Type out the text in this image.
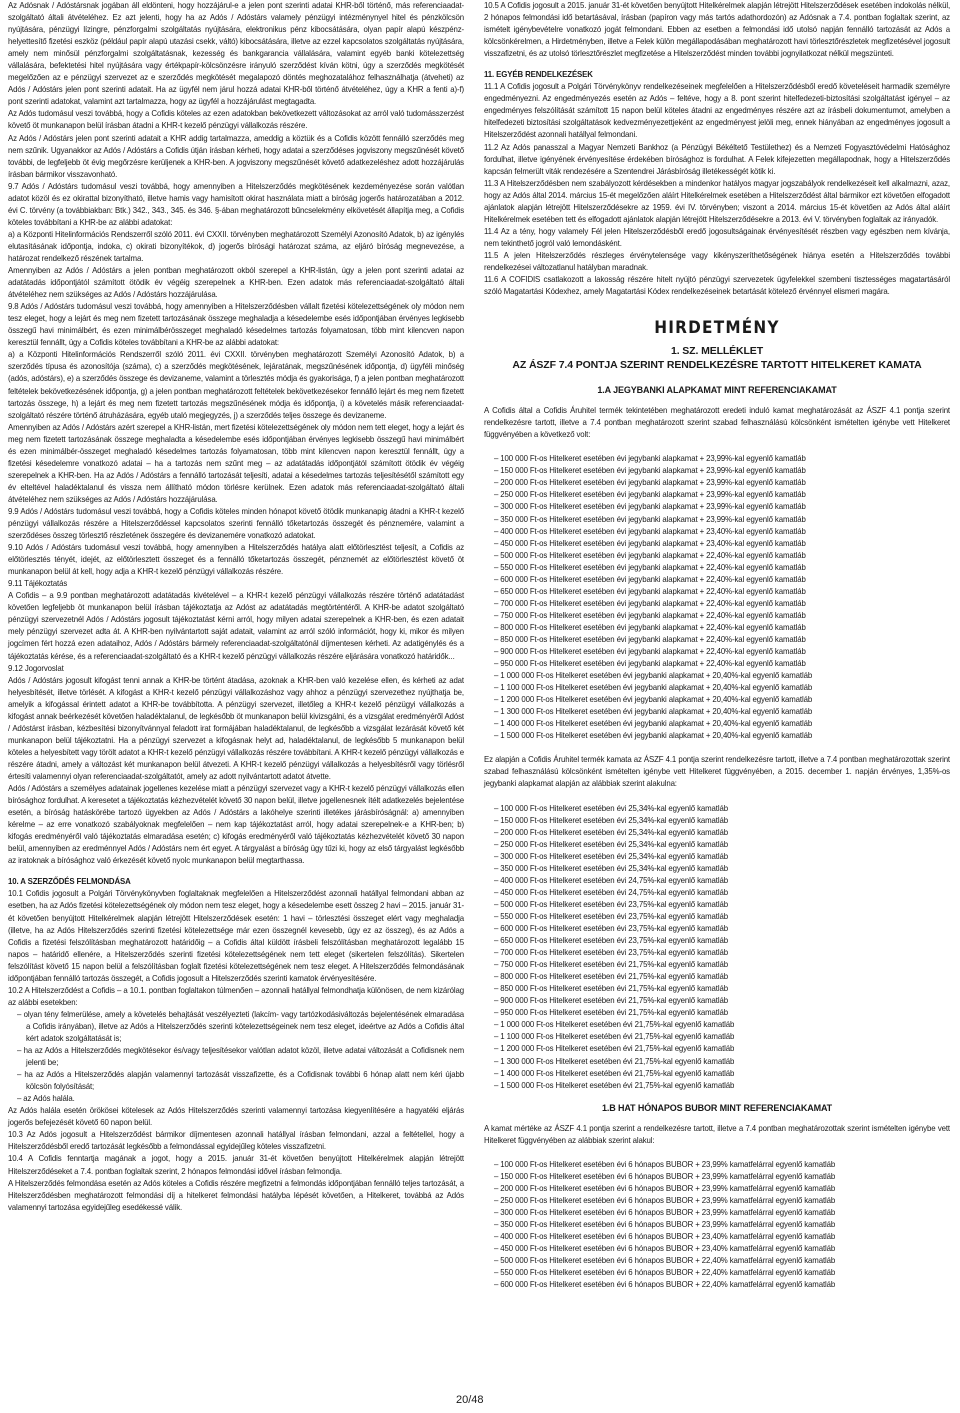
Az Adósnak / Adóstársnak jogában áll eldönteni, hogy hozzájárul-e a jelen pont szerinti adatai KHR-ből történő, más referenciaadat-szolgáltató általi átvételéhez. Ez azt jelenti, hogy ha az Adós / Adóstárs valamely pénzügyi intézménynyel hitel és pénzkölcsön nyújtására, pénzügyi lízingre, pénzforgalmi szolgáltatás nyújtására, elektronikus pénz kibocsátására, olyan papír alapú készpénz-helyettesítő fizetési eszköz (például papír alapú utazási csekk, váltó) kibocsátására, illetve az ezzel kapcsolatos szolgáltatás nyújtására, amely nem minősül pénzforgalmi szolgáltatásnak, kezesség és bankgarancia vállalására, valamint egyéb banki kötelezettség vállalására, befektetési hitel nyújtására vagy értékpapír-kölcsönzésre irányuló szerződést kíván kötni, úgy a szerződés megkötését megelőzően az e pénzügyi szervezet az e szerződés megkötését megalapozó döntés meghozatalához felhasználhatja (átveheti) az Adós / Adóstárs jelen pont szerinti adatait. Ha az ügyfél nem járul hozzá adatai KHR-ből történő átvételéhez, úgy a KHR a fenti a)-f) pont szerinti adatokat, valamint azt tartalmazza, hogy az ügyfél a hozzájárulást megtagadta.

Az Adós tudomásul veszi továbbá, hogy a Cofidis köteles az ezen adatokban bekövetkezett változásokat az arról való tudomásszerzést követő öt munkanapon belül írásban átadni a KHR-t kezelő pénzügyi vállalkozás részére.

Az Adós / Adóstárs jelen pont szerinti adatait a KHR addig tartalmazza, ameddig a köztük és a Cofidis között fennálló szerződés meg nem szűnik. Ugyanakkor az Adós / Adóstárs a Cofidis útján írásban kérheti, hogy adatai a szerződéses jogviszony megszűnését követő további, de legfeljebb öt évig megőrzésre kerüljenek a KHR-ben. A jogviszony megszűnését követő adatkezeléshez adott hozzájárulás írásban bármikor visszavonható.

9.7 Adós / Adóstárs tudomásul veszi továbbá, hogy amennyiben a Hitelszerződés megkötésének kezdeményezése során valótlan adatot közöl és ez okirattal bizonyítható, illetve hamis vagy hamisított okirat használata miatt a bíróság jogerős határozatában a 2012. évi C. törvény (a továbbiakban: Btk.) 342., 343., 345. és 346. §-ában meghatározott bűncselekmény elkövetését állapítja meg, a Cofidis köteles továbbítani a KHR-be az alábbi adatokat:

a) a Központi Hitelinformációs Rendszerről szóló 2011. évi CXXII. törvényben meghatározott Személyi Azonosító Adatok, b) az igénylés elutasításának időpontja, indoka, c) okirati bizonyítékok, d) jogerős bírósági határozat száma, az eljáró bíróság megnevezése, a határozat rendelkező részének tartalma.

Amennyiben az Adós / Adóstárs a jelen pontban meghatározott okból szerepel a KHR-listán, úgy a jelen pont szerinti adatai az adatátadás időpontjától számított ötödik év végéig szerepelnek a KHR-ben. Ezen adatok más referenciaadat-szolgáltató általi átvételéhez nem szükséges az Adós / Adóstárs hozzájárulása.

9.8 Adós / Adóstárs tudomásul veszi továbbá, hogy amennyiben a Hitelszerződésben vállalt fizetési kötelezettségének oly módon nem tesz eleget, hogy a lejárt és meg nem fizetett tartozásának összege meghaladja a késedelembe esés időpontjában érvényes legkisebb összegű havi minimálbért, és ezen minimálbérösszeget meghaladó késedelmes tartozás folyamatosan, több mint kilencven napon keresztül fennállt, úgy a Cofidis köteles továbbítani a KHR-be az alábbi adatokat:

a) a Központi Hitelinformációs Rendszerről szóló 2011. évi CXXII. törvényben meghatározott Személyi Azonosító Adatok, b) a szerződés típusa és azonosítója (száma), c) a szerződés megkötésének, lejáratának, megszűnésének időpontja, d) ügyféli minőség (adós, adóstárs), e) a szerződés összege és devizaneme, valamint a törlesztés módja és gyakorisága, f) a jelen pontban meghatározott feltételek bekövetkezésének időpontja, g) a jelen pontban meghatározott feltételek bekövetkezésekor fennálló lejárt és meg nem fizetett tartozás összege, h) a lejárt és meg nem fizetett tartozás megszűnésének módja és időpontja, i) a követelés másik referenciaadat-szolgáltató részére történő átruházására, egyéb utaló megjegyzés, j) a szerződés teljes összege és devizaneme.

Amennyiben az Adós / Adóstárs azért szerepel a KHR-listán, mert fizetési kötelezettségének oly módon nem tett eleget, hogy a lejárt és meg nem fizetett tartozásának összege meghaladta a késedelembe esés időpontjában érvényes legkisebb összegű havi minimálbért és ezen minimálbér-összeget meghaladó késedelmes tartozás folyamatosan, több mint kilencven napon keresztül fennállt, úgy a fizetési késedelemre vonatkozó adatai – ha a tartozás nem szűnt meg – az adatátadás időpontjától számított ötödik év végéig szerepelnek a KHR-ben. Ha az Adós / Adóstárs a fennálló tartozását teljesíti, adatai a késedelmes tartozás teljesítésétől számított egy év elteltével haladéktalanul és vissza nem állítható módon törlésre kerülnek. Ezen adatok más referenciaadat-szolgáltató általi átvételéhez nem szükséges az Adós / Adóstárs hozzájárulása.

9.9 Adós / Adóstárs tudomásul veszi továbbá, hogy a Cofidis köteles minden hónapot követő ötödik munkanapig átadni a KHR-t kezelő pénzügyi vállalkozás részére a Hitelszerződéssel kapcsolatos szerinti fennálló tőketartozás összegét és pénznemére, valamint a szerződéses összeg törlesztő részletének összegére és devizanemére vonatkozó adatokat.

9.10 Adós / Adóstárs tudomásul veszi továbbá, hogy amennyiben a Hitelszerződés hatálya alatt előtörlesztést teljesít, a Cofidis az előtörlesztés tényét, idejét, az előtörlesztett összeget és a fennálló tőketartozás összegét, pénznemét az előtörlesztést követő öt munkanapon belül át kell, hogy adja a KHR-t kezelő pénzügyi vállalkozás részére.

9.11 Tájékoztatás

A Cofidis – a 9.9 pontban meghatározott adatátadás kivételével – a KHR-t kezelő pénzügyi vállalkozás részére történő adatátadást követően legfeljebb öt munkanapon belül írásban tájékoztatja az Adóst az adatátadás megtörténtéről. A KHR-be adatot szolgáltató pénzügyi szervezetnél Adós / Adóstárs jogosult tájékoztatást kérni arról, hogy milyen adatai szerepelnek a KHR-ben, és ezen adatait mely pénzügyi szervezet adta át. A KHR-ben nyilvántartott saját adatait, valamint az arról szóló információt, hogy ki, mikor és milyen jogcímen fért hozzá ezen adataihoz, Adós / Adóstárs bármely referenciaadat-szolgáltatónál díjmentesen kérheti. Az adatigénylés és a tájékoztatás kérése, és a referenciaadat-szolgáltató és a KHR-t kezelő pénzügyi vállalkozás részére eljárására vonatkozó határidők...

9.12 Jogorvoslat

Adós / Adóstárs jogosult kifogást tenni annak a KHR-be történt átadása, azoknak a KHR-ben való kezelése ellen, és kérheti az adat helyesbítését, illetve törlését. A kifogást a KHR-t kezelő pénzügyi vállalkozáshoz vagy ahhoz a pénzügyi szervezethez nyújthatja be, amelyik a kifogással érintett adatot a KHR-be továbbította. A pénzügyi szervezet, illetőleg a KHR-t kezelő pénzügyi vállalkozás a kifogást annak beérkezését követően haladéktalanul, de legkésőbb öt munkanapon belül kivizsgálni, és a vizsgálat eredményéről Adóst / Adóstárst írásban, kézbesítési bizonyítvánnyal feladott irat formájában haladéktalanul, de legkésőbb a vizsgálat lezárását követő két munkanapon belül tájékoztatni. Ha a pénzügyi szervezet a kifogásnak helyt ad, haladéktalanul, de legkésőbb 5 munkanapon belül köteles a helyesbített vagy törölt adatot a KHR-t kezelő pénzügyi vállalkozás részére továbbítani. A KHR-t kezelő pénzügyi vállalkozás e részére átadni, amely a változást két munkanapon belül átvezeti. A KHR-t kezelő pénzügyi vállalkozás a helyesbítésről vagy törlésről értesíti valamennyi olyan referenciaadat-szolgáltatót, amely az adott nyilvántartott adatot átvette.

Adós / Adóstárs a személyes adatainak jogellenes kezelése miatt a pénzügyi szervezet vagy a KHR-t kezelő pénzügyi vállalkozás ellen bírósághoz fordulhat. A keresetet a tájékoztatás kézhezvételét követő 30 napon belül, illetve jogellenesnek ítélt adatkezelés bejelentése esetén, a bíróság hatáskörébe tartozó ügyekben az Adós / Adóstárs a lakóhelye szerinti illetékes járásbíróságnál: a) amennyiben kérelme – az erre vonatkozó szabályoknak megfelelően – nem kap tájékoztatást arról, hogy adatai szerepelnek-e a KHR-ben; b) kifogás eredményéről való tájékoztatás elmaradása esetén; c) kifogás eredményéről való tájékoztatás kézhezvételét követő 30 napon belül, amennyiben az eredménnyel Adós / Adóstárs nem ért egyet. A tárgyalást a bíróság ügy tűzi ki, hogy az első tárgyalást legkésőbb az iratoknak a bírósághoz való érkezését követő nyolc munkanapon belül megtarthassa.

10. A SZERZŐDÉS FELMONDÁSA

10.1 Cofidis jogosult a Polgári Törvénykönyvben foglaltaknak megfelelően a Hitelszerződést azonnali hatállyal felmondani abban az esetben, ha az Adós fizetési kötelezettségének oly módon nem tesz eleget, hogy a késedelembe esett összeg 2 havi – 2015. január 31-ét követően benyújtott Hitelkérelmek alapján létrejött Hitelszerződések esetén: 1 havi – törlesztési összeget elért vagy meghaladja (illetve, ha az Adós Hitelszerződés szerinti fizetési kötelezettsége már ezen összegnél kevesebb, úgy ez az összeg), és az Adós a Cofidis a fizetési felszólításban meghatározott határidőig – a Cofidis által küldött írásbeli felszólításban meghatározott legalább 15 napos – határidő ellenére, a Hitelszerződés szerinti fizetési kötelezettségének nem tett eleget (sikertelen felszólítás). Sikertelen felszólítást követő 15 napon belül a felszólításban foglalt fizetési kötelezettségének nem tesz eleget. A Hitelszerződés felmondásának időpontjában fennálló tartozás összegét, a Cofidis jogosult a Hitelszerződés szerinti kamatok érvényesítésére.

10.2 A Hitelszerződést a Cofidis – a 10.1. pontban foglaltakon túlmenően – azonnali hatállyal felmondhatja különösen, de nem kizárólag az alábbi esetekben:

– olyan tény felmerülése, amely a követelés behajtását veszélyezteti (lakcím- vagy tartózkodásiváltozás bejelentésének elmaradása a Cofidis irányában), illetve az Adós a Hitelszerződés szerinti kötelezettségeinek nem tesz eleget, ideértve az Adós a Cofidis által kért adatok szolgáltatását is;

– ha az Adós a Hitelszerződés megkötésekor és/vagy teljesítésekor valótlan adatot közöl, illetve adatai változását a Cofidisnek nem jelenti be;

– ha az Adós a Hitelszerződés alapján valamennyi tartozását visszafizette, és a Cofidisnak további 6 hónap alatt nem kéri újabb kölcsön folyósítását;

– az Adós halála.

Az Adós halála esetén örökösei kötelesek az Adós Hitelszerződés szerinti valamennyi tartozása kiegyenlítésére a hagyatéki eljárás jogerős befejezését követő 60 napon belül.

10.3 Az Adós jogosult a Hitelszerződést bármikor díjmentesen azonnali hatállyal írásban felmondani, azzal a feltétellel, hogy a Hitelszerződésből eredő tartozását legkésőbb a felmondással egyidejűleg köteles visszafizetni.

10.4 A Cofidis fenntartja magának a jogot, hogy a 2015. január 31-ét követően benyújtott Hitelkérelmek alapján létrejött Hitelszerződéseket a 7.4. pontban foglaltak szerint, 2 hónapos felmondási idővel írásban felmondja.

A Hitelszerződés felmondása esetén az Adós köteles a Cofidis részére megfizetni a felmondás időpontjában fennálló teljes tartozását, a Hitelszerződésben meghatározott felmondási díj a hitelkeret felmondási hatályba lépését követően, a Hitelkeret, továbbá az Adós valamennyi tartozása egyidejűleg esedékessé válik.

10.5 A Cofidis jogosult a 2015. január 31-ét követően benyújtott Hitelkérelmek alapján létrejött Hitelszerződések esetében indokolás nélkül, 2 hónapos felmondási idő betartásával, írásban (papíron vagy más tartós adathordozón) az Adósnak a 7.4. pontban foglaltak szerint, az ismételt igénybevételre vonatkozó jogát felmondani. Ebben az esetben a felmondási idő utolsó napján fennálló tartozását az Adós a kölcsönkérelmen, a Hirdetményben, illetve a Felek külön megállapodásában meghatározott havi törlesztőrészletek megfizetésével jogosult visszafizetni, és az utolsó törlesztőrészlet megfizetése a Hitelszerződést minden további jognyilatkozat nélkül megszünteti.

11. EGYÉB RENDELKEZÉSEK

11.1 A Cofidis jogosult a Polgári Törvénykönyv rendelkezéseinek megfelelően a Hitelszerződésből eredő követeléseit harmadik személyre engedményezni. Az engedményezés esetén az Adós – feltéve, hogy a 8. pont szerint hitelfedezeti-biztosítási szolgáltatást igényel – az engedményes felszólítását számított 15 napon belül köteles átadni az engedményes részére azt az írásbeli dokumentumot, amelyben a hitelfedezeti biztosítási szolgáltatások kedvezményezettjeként az engedményest jelöli meg, ennek hiányában az engedményes jogosult a Hitelszerződést azonnali hatállyal felmondani.

11.2 Az Adós panasszal a Magyar Nemzeti Bankhoz (a Pénzügyi Békéltető Testülethez) és a Nemzeti Fogyasztóvédelmi Hatósághoz fordulhat, illetve igényének érvényesítése érdekében bírósághoz is fordulhat. A Felek kifejezetten megállapodnak, hogy a Hitelszerződés kapcsán felmerült viták rendezésére a Szentendrei Járásbíróság illetékességét kötik ki.

11.3 A Hitelszerződésben nem szabályozott kérdésekben a mindenkor hatályos magyar jogszabályok rendelkezéseit kell alkalmazni, azaz, hogy az Adós által 2014. március 15-ét megelőzően aláírt Hitelkérelmek esetében a Hitelszerződést által bármikor ezt követően elfogadott ajánlatok alapján létrejött Hitelszerződésekre az 1959. évi IV. törvényben; viszont a 2014. március 15-ét követően az Adós által aláírt Hitelkérelmek esetében tett és elfogadott ajánlatok alapján létrejött Hitelszerződésekre a 2013. évi V. törvényben foglaltak az irányadók.

11.4 Az a tény, hogy valamely Fél jelen Hitelszerződésből eredő jogosultságainak érvényesítését részben vagy egészben nem kívánja, nem tekinthető jogról való lemondásként.

11.5 A jelen Hitelszerződés részleges érvénytelensége vagy kikényszeríthetőségének hiánya esetén a Hitelszerződés további rendelkezései változatlanul hatályban maradnak.

11.6 A COFIDIS csatlakozott a lakosság részére hitelt nyújtó pénzügyi szervezetek ügyfelekkel szembeni tisztességes magatartásáról szóló Magatartási Kódexhez, amely Magatartási Kódex rendelkezéseinek betartását kötelező érvénnyel elismeri magára.

HIRDETMÉNY
1. SZ. MELLÉKLET
AZ ÁSZF 7.4 PONTJA SZERINT RENDELKEZÉSRE TARTOTT HITELKERET KAMATA
1.A JEGYBANKI ALAPKAMAT MINT REFERENCIAKAMAT

A Cofidis által a Cofidis Áruhitel termék tekintetében meghatározott eredeti induló kamat meghatározását az ÁSZF 4.1 pontja szerint rendelkezésre tartott, illetve a 7.4 pontban meghatározott szerint szabad felhasználású kölcsönként ismételten igénybe vett Hitelkeret függvényében a következő volt:

– 100 000 Ft-os Hitelkeret esetében évi jegybanki alapkamat + 23,99%-kal egyenlő kamatláb
– 150 000 Ft-os Hitelkeret esetében évi jegybanki alapkamat + 23,99%-kal egyenlő kamatláb
– 200 000 Ft-os Hitelkeret esetében évi jegybanki alapkamat + 23,99%-kal egyenlő kamatláb
– 250 000 Ft-os Hitelkeret esetében évi jegybanki alapkamat + 23,99%-kal egyenlő kamatláb
– 300 000 Ft-os Hitelkeret esetében évi jegybanki alapkamat + 23,99%-kal egyenlő kamatláb
– 350 000 Ft-os Hitelkeret esetében évi jegybanki alapkamat + 23,99%-kal egyenlő kamatláb
– 400 000 Ft-os Hitelkeret esetében évi jegybanki alapkamat + 23,40%-kal egyenlő kamatláb
– 450 000 Ft-os Hitelkeret esetében évi jegybanki alapkamat + 23,40%-kal egyenlő kamatláb
– 500 000 Ft-os Hitelkeret esetében évi jegybanki alapkamat + 22,40%-kal egyenlő kamatláb
– 550 000 Ft-os Hitelkeret esetében évi jegybanki alapkamat + 22,40%-kal egyenlő kamatláb
– 600 000 Ft-os Hitelkeret esetében évi jegybanki alapkamat + 22,40%-kal egyenlő kamatláb
– 650 000 Ft-os Hitelkeret esetében évi jegybanki alapkamat + 22,40%-kal egyenlő kamatláb
– 700 000 Ft-os Hitelkeret esetében évi jegybanki alapkamat + 22,40%-kal egyenlő kamatláb
– 750 000 Ft-os Hitelkeret esetében évi jegybanki alapkamat + 22,40%-kal egyenlő kamatláb
– 800 000 Ft-os Hitelkeret esetében évi jegybanki alapkamat + 22,40%-kal egyenlő kamatláb
– 850 000 Ft-os Hitelkeret esetében évi jegybanki alapkamat + 22,40%-kal egyenlő kamatláb
– 900 000 Ft-os Hitelkeret esetében évi jegybanki alapkamat + 22,40%-kal egyenlő kamatláb
– 950 000 Ft-os Hitelkeret esetében évi jegybanki alapkamat + 22,40%-kal egyenlő kamatláb
– 1 000 000 Ft-os Hitelkeret esetében évi jegybanki alapkamat + 20,40%-kal egyenlő kamatláb
– 1 100 000 Ft-os Hitelkeret esetében évi jegybanki alapkamat + 20,40%-kal egyenlő kamatláb
– 1 200 000 Ft-os Hitelkeret esetében évi jegybanki alapkamat + 20,40%-kal egyenlő kamatláb
– 1 300 000 Ft-os Hitelkeret esetében évi jegybanki alapkamat + 20,40%-kal egyenlő kamatláb
– 1 400 000 Ft-os Hitelkeret esetében évi jegybanki alapkamat + 20,40%-kal egyenlő kamatláb
– 1 500 000 Ft-os Hitelkeret esetében évi jegybanki alapkamat + 20,40%-kal egyenlő kamatláb

Ez alapján a Cofidis Áruhitel termék kamata az ÁSZF 4.1 pontja szerint rendelkezésre tartott, illetve a 7.4 pontban meghatározottak szerint szabad felhasználású kölcsönként ismételten igénybe vett Hitelkeret függvényében, a 2015. december 1. napján érvényes, 1,35%-os jegybanki alapkamat alapján az alábbiak szerint alakulna:

– 100 000 Ft-os Hitelkeret esetében évi 25,34%-kal egyenlő kamatláb
– 150 000 Ft-os Hitelkeret esetében évi 25,34%-kal egyenlő kamatláb
– 200 000 Ft-os Hitelkeret esetében évi 25,34%-kal egyenlő kamatláb
– 250 000 Ft-os Hitelkeret esetében évi 25,34%-kal egyenlő kamatláb
– 300 000 Ft-os Hitelkeret esetében évi 25,34%-kal egyenlő kamatláb
– 350 000 Ft-os Hitelkeret esetében évi 25,34%-kal egyenlő kamatláb
– 400 000 Ft-os Hitelkeret esetében évi 24,75%-kal egyenlő kamatláb
– 450 000 Ft-os Hitelkeret esetében évi 24,75%-kal egyenlő kamatláb
– 500 000 Ft-os Hitelkeret esetében évi 23,75%-kal egyenlő kamatláb
– 550 000 Ft-os Hitelkeret esetében évi 23,75%-kal egyenlő kamatláb
– 600 000 Ft-os Hitelkeret esetében évi 23,75%-kal egyenlő kamatláb
– 650 000 Ft-os Hitelkeret esetében évi 23,75%-kal egyenlő kamatláb
– 700 000 Ft-os Hitelkeret esetében évi 23,75%-kal egyenlő kamatláb
– 750 000 Ft-os Hitelkeret esetében évi 21,75%-kal egyenlő kamatláb
– 800 000 Ft-os Hitelkeret esetében évi 21,75%-kal egyenlő kamatláb
– 850 000 Ft-os Hitelkeret esetében évi 21,75%-kal egyenlő kamatláb
– 900 000 Ft-os Hitelkeret esetében évi 21,75%-kal egyenlő kamatláb
– 950 000 Ft-os Hitelkeret esetében évi 21,75%-kal egyenlő kamatláb
– 1 000 000 Ft-os Hitelkeret esetében évi 21,75%-kal egyenlő kamatláb
– 1 100 000 Ft-os Hitelkeret esetében évi 21,75%-kal egyenlő kamatláb
– 1 200 000 Ft-os Hitelkeret esetében évi 21,75%-kal egyenlő kamatláb
– 1 300 000 Ft-os Hitelkeret esetében évi 21,75%-kal egyenlő kamatláb
– 1 400 000 Ft-os Hitelkeret esetében évi 21,75%-kal egyenlő kamatláb
– 1 500 000 Ft-os Hitelkeret esetében évi 21,75%-kal egyenlő kamatláb
1.B HAT HÓNAPOS BUBOR MINT REFERENCIAKAMAT

A kamat mértéke az ÁSZF 4.1 pontja szerint a rendelkezésre tartott, illetve a 7.4 pontban meghatározottak szerint ismételten igénybe vett Hitelkeret függvényében az alábbiak szerint alakul:

– 100 000 Ft-os Hitelkeret esetében évi 6 hónapos BUBOR + 23,99% kamatfelárral egyenlő kamatláb
– 150 000 Ft-os Hitelkeret esetében évi 6 hónapos BUBOR + 23,99% kamatfelárral egyenlő kamatláb
– 200 000 Ft-os Hitelkeret esetében évi 6 hónapos BUBOR + 23,99% kamatfelárral egyenlő kamatláb
– 250 000 Ft-os Hitelkeret esetében évi 6 hónapos BUBOR + 23,99% kamatfelárral egyenlő kamatláb
– 300 000 Ft-os Hitelkeret esetében évi 6 hónapos BUBOR + 23,99% kamatfelárral egyenlő kamatláb
– 350 000 Ft-os Hitelkeret esetében évi 6 hónapos BUBOR + 23,99% kamatfelárral egyenlő kamatláb
– 400 000 Ft-os Hitelkeret esetében évi 6 hónapos BUBOR + 23,40% kamatfelárral egyenlő kamatláb
– 450 000 Ft-os Hitelkeret esetében évi 6 hónapos BUBOR + 23,40% kamatfelárral egyenlő kamatláb
– 500 000 Ft-os Hitelkeret esetében évi 6 hónapos BUBOR + 22,40% kamatfelárral egyenlő kamatláb
– 550 000 Ft-os Hitelkeret esetében évi 6 hónapos BUBOR + 22,40% kamatfelárral egyenlő kamatláb
– 600 000 Ft-os Hitelkeret esetében évi 6 hónapos BUBOR + 22,40% kamatfelárral egyenlő kamatláb
20/48
